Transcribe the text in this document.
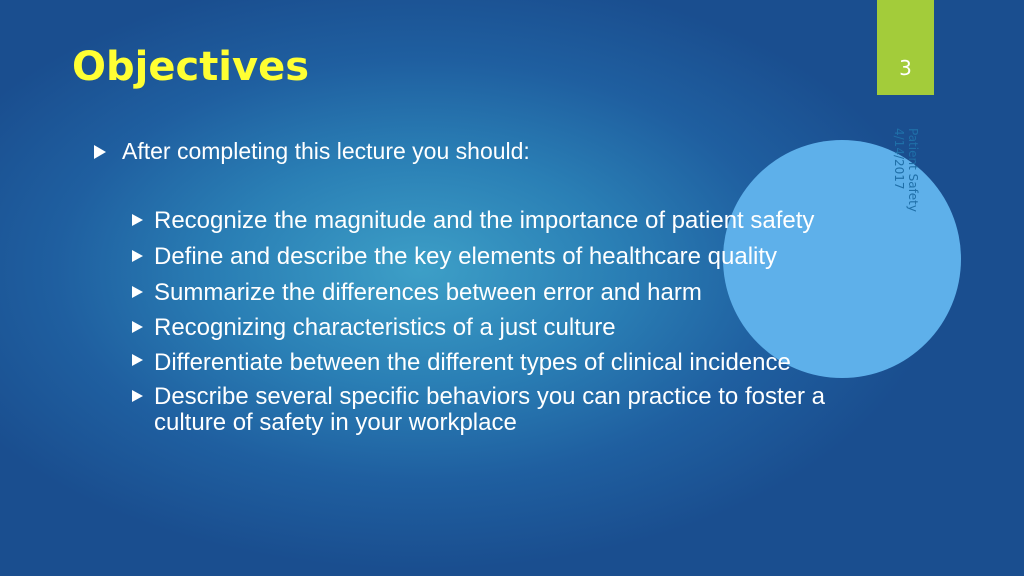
Objectives	3
Patient Safety
4/14/2017
After completing this lecture you should:
Recognize the magnitude and the importance of patient safety
Define and describe the key elements of healthcare quality
Summarize the differences between error and harm
Recognizing characteristics of a just culture
Differentiate between the different types of clinical incidence
Describe several specific behaviors you can practice to foster a culture of safety in your workplace
